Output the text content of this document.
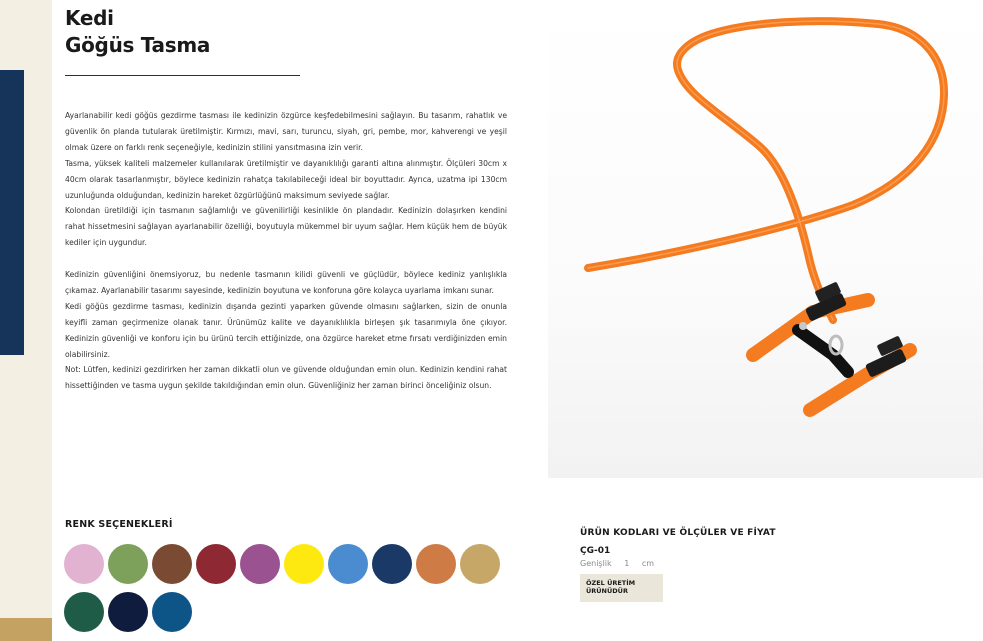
Kedi
Göğüs Tasma

Ayarlanabilir kedi göğüs gezdirme tasması ile kedinizin özgürce keşfedebilmesini sağlayın. Bu tasarım, rahatlık ve güvenlik ön planda tutularak üretilmiştir. Kırmızı, mavi, sarı, turuncu, siyah, gri, pembe, mor, kahverengi ve yeşil olmak üzere on farklı renk seçeneğiyle, kedinizin stilini yansıtmasına izin verir.

Tasma, yüksek kaliteli malzemeler kullanılarak üretilmiştir ve dayanıklılığı garanti altına alınmıştır. Ölçüleri 30cm x 40cm olarak tasarlanmıştır, böylece kedinizin rahatça takılabileceği ideal bir boyuttadır. Ayrıca, uzatma ipi 130cm uzunluğunda olduğundan, kedinizin hareket özgürlüğünü maksimum seviyede sağlar.

Kolondan üretildiği için tasmanın sağlamlığı ve güvenilirliği kesinlikle ön plandadır. Kedinizin dolaşırken kendini rahat hissetmesini sağlayan ayarlanabilir özelliği, boyutuyla mükemmel bir uyum sağlar. Hem küçük hem de büyük kediler için uygundur.

Kedinizin güvenliğini önemsiyoruz, bu nedenle tasmanın kilidi güvenli ve güçlüdür, böylece kediniz yanlışlıkla çıkamaz. Ayarlanabilir tasarımı sayesinde, kedinizin boyutuna ve konforuna göre kolayca uyarlama imkanı sunar.

Kedi göğüs gezdirme tasması, kedinizin dışarıda gezinti yaparken güvende olmasını sağlarken, sizin de onunla keyifli zaman geçirmenize olanak tanır. Ürünümüz kalite ve dayanıklılıkla birleşen şık tasarımıyla öne çıkıyor. Kedinizin güvenliği ve konforu için bu ürünü tercih ettiğinizde, ona özgürce hareket etme fırsatı verdiğinizden emin olabilirsiniz.

Not: Lütfen, kedinizi gezdirirken her zaman dikkatli olun ve güvende olduğundan emin olun. Kedinizin kendini rahat hissettiğinden ve tasma uygun şekilde takıldığından emin olun. Güvenliğiniz her zaman birinci önceliğiniz olsun.

RENK SEÇENEKLERİ
ÜRÜN KODLARI VE ÖLÇÜLER VE FİYAT
ÇG-01
Genişlik 1 cm
ÖZEL ÜRETİM
ÜRÜNÜDÜR
